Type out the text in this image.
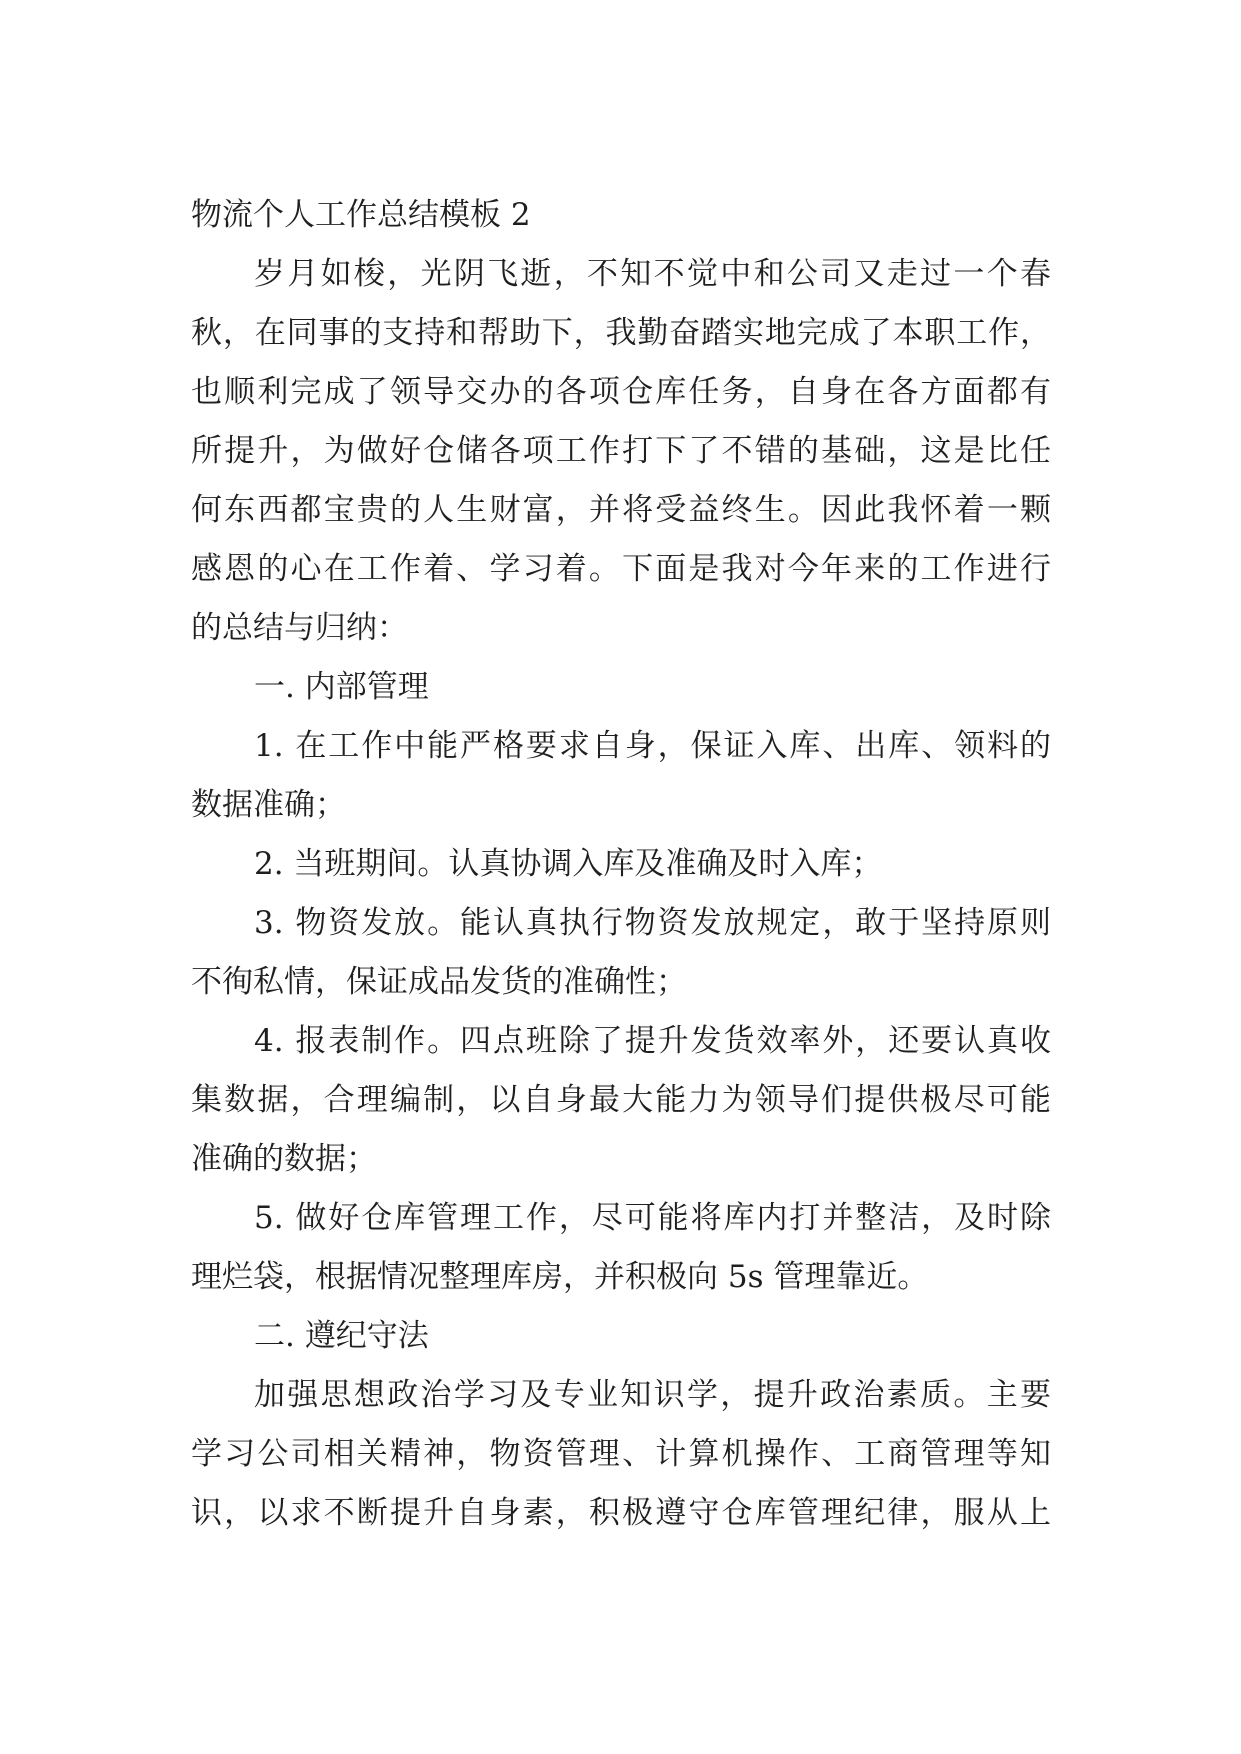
物流个人工作总结模板 2
岁月如梭，光阴飞逝，不知不觉中和公司又走过一个春
秋，在同事的支持和帮助下，我勤奋踏实地完成了本职工作，
也顺利完成了领导交办的各项仓库任务，自身在各方面都有
所提升，为做好仓储各项工作打下了不错的基础，这是比任
何东西都宝贵的人生财富，并将受益终生。因此我怀着一颗
感恩的心在工作着、学习着。下面是我对今年来的工作进行
的总结与归纳：
一. 内部管理
1. 在工作中能严格要求自身，保证入库、出库、领料的
数据准确；
2. 当班期间。认真协调入库及准确及时入库；
3. 物资发放。能认真执行物资发放规定，敢于坚持原则
不徇私情，保证成品发货的准确性；
4. 报表制作。四点班除了提升发货效率外，还要认真收
集数据，合理编制，以自身最大能力为领导们提供极尽可能
准确的数据；
5. 做好仓库管理工作，尽可能将库内打并整洁，及时除
理烂袋，根据情况整理库房，并积极向 5s 管理靠近。
二. 遵纪守法
加强思想政治学习及专业知识学，提升政治素质。主要
学习公司相关精神，物资管理、计算机操作、工商管理等知
识，以求不断提升自身素，积极遵守仓库管理纪律，服从上
